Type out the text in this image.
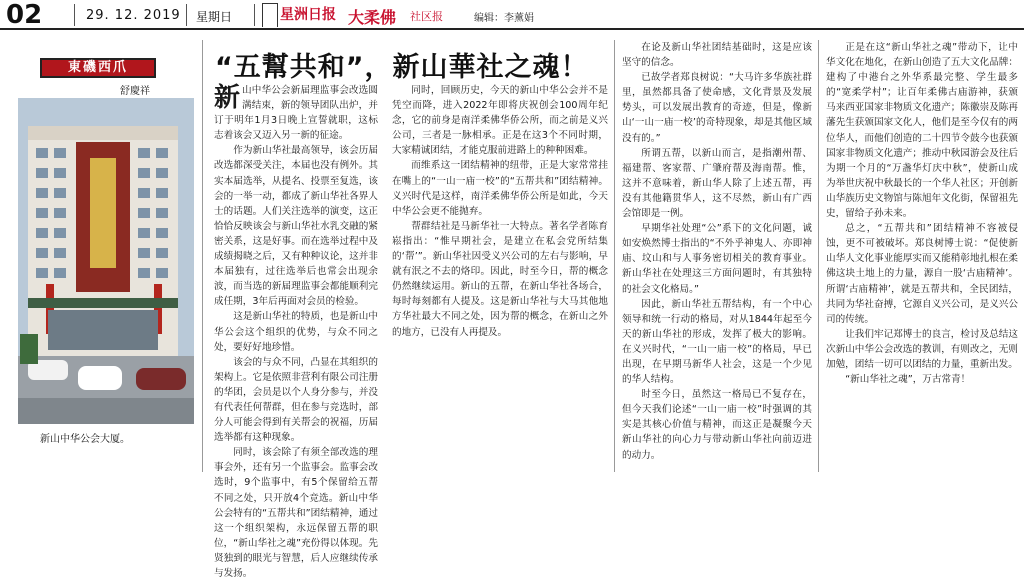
02	29. 12. 2019 星期日	星洲日报 大柔佛 社区报	编辑：李薰娟
東磯西爪
舒慶祥
新山中华公会大厦。
“五幫共和”，新山華社之魂！

新山中华公会新届理监事会改选圆满结束，新的领导团队出炉，并订于明年1月3日晚上宣誓就职，这标志着该会又迈入另一新的征途。

作为新山华社最高领导，该会历届改选都深受关注，本届也没有例外。其实本届选举，从提名、投票至复选，该会的一举一动，都成了新山华社各界人士的话题。人们关注选举的演变，这正恰恰反映该会与新山华社水乳交融的紧密关系，这是好事。而在选举过程中及成绩揭晓之后，又有种种议论，这并非本届独有，过往选举后也常会出现余波，而当选的新届理监事会都能顺利完成任期，3年后再面对会员的检验。

这是新山华社的特质，也是新山中华公会这个组织的优势，与众不同之处，要好好地珍惜。

该会的与众不同，凸显在其组织的架构上。它是依照非营利有限公司注册的华团，会员是以个人身分参与，并没有代表任何帮群，但在参与竞选时，部分人可能会得到有关帮会的祝福，历届选举都有这种现象。

同时，该会除了有须全部改选的理事会外，还有另一个监事会。监事会改选时，9个监事中，有5个保留给五帮不同之处，只开放4个竞选。新山中华公会特有的“五帮共和”团结精神，通过这一个组织架构，永远保留五帮的职位，“新山华社之魂”充份得以体现。先贤独到的眼光与智慧，后人应继续传承与发扬。

同时，回顾历史，今天的新山中华公会并不是凭空而降，进入2022年即将庆祝创会100周年纪念，它的前身是南洋柔佛华侨公所，而之前是义兴公司，三者是一脉相承。正是在这3个不同时期，大家精诚团结，才能克服前进路上的种种困难。

而维系这一团结精神的纽带，正是大家常常挂在嘴上的“一山一庙一校”的“五帮共和”团结精神。义兴时代是这样，南洋柔佛华侨公所是如此，今天中华公会更不能抛弃。

帮群结社是马新华社一大特点。著名学者陈育崧指出：“惟早期社会，是建立在私会党所结集的‘帮’”。新山华社因受义兴公司的左右与影响，早就有泯之不去的烙印。因此，时至今日，帮的概念仍然继续运用。新山的五帮，在新山华社各场合，每时每刻都有人提及。这是新山华社与大马其他地方华社最大不同之处，因为帮的概念，在新山之外的地方，已没有人再提及。

在论及新山华社团结基础时，这是应该坚守的信念。

已故学者郑良树说：“大马许多华族社群里，虽然都具备了使命感，文化背景及发展势头，可以发展出教育的奇迹，但是，像新山‘一山一庙一校’的奇特现象，却是其他区域没有的。”

所谓五帮，以新山而言，是指潮州帮、福建帮、客家帮、广肇府帮及海南帮。惟，这并不意味着，新山华人除了上述五帮，再没有其他籍贯华人，这不尽然，新山有广西会馆即是一例。

早期华社处理“公”系下的文化问题，诚如安焕然博士指出的“不外乎神鬼人、亦即神庙、坟山和与人事务密切相关的教育事业。新山华社在处理这三方面问题时，有其独特的社会文化格局。”

因此，新山华社五帮结构，有一个中心领导和统一行动的格局，对从1844年起至今天的新山华社的形成，发挥了极大的影响。在义兴时代，“一山一庙一校”的格局，早已出现，在早期马新华人社会，这是一个少见的华人结构。

时至今日，虽然这一格局已不复存在，但今天我们论述“一山一庙一校”时强调的其实是其核心价值与精神，而这正是凝聚今天新山华社的向心力与带动新山华社向前迈进的动力。

正是在这“新山华社之魂”带动下，让中华文化在地化，在新山创造了五大文化品牌：建构了中港台之外华系最完整、学生最多的“宽柔学村”；让百年柔佛古庙游神，获颁马来西亚国家非物质文化遗产；陈徽崇及陈再藩先生获颁国家文化人，他们是至今仅有的两位华人，而他们创造的二十四节令鼓今也获颁国家非物质文化遗产；推动中秋园游会及往后为期一个月的“万盏华灯庆中秋”，使新山成为举世庆祝中秋最长的一个华人社区；开创新山华族历史文物馆与陈旭年文化街，保留祖先史，留给子孙未来。

总之，“五帮共和”团结精神不容被侵蚀，更不可被破坏。郑良树博士说：“促使新山华人文化事业能厚实而又能稍彰地扎根在柔佛这块土地上的力量，源自一股‘古庙精神’。所谓‘古庙精神’，就是五帮共和，全民团结，共同为华社奋搏，它源自义兴公司，是义兴公司的传统。

让我们牢记郑博士的良言，检讨及总结这次新山中华公会改选的教训，有则改之，无则加勉，团结一切可以团结的力量，重新出发。

“新山华社之魂”，万古常青！
